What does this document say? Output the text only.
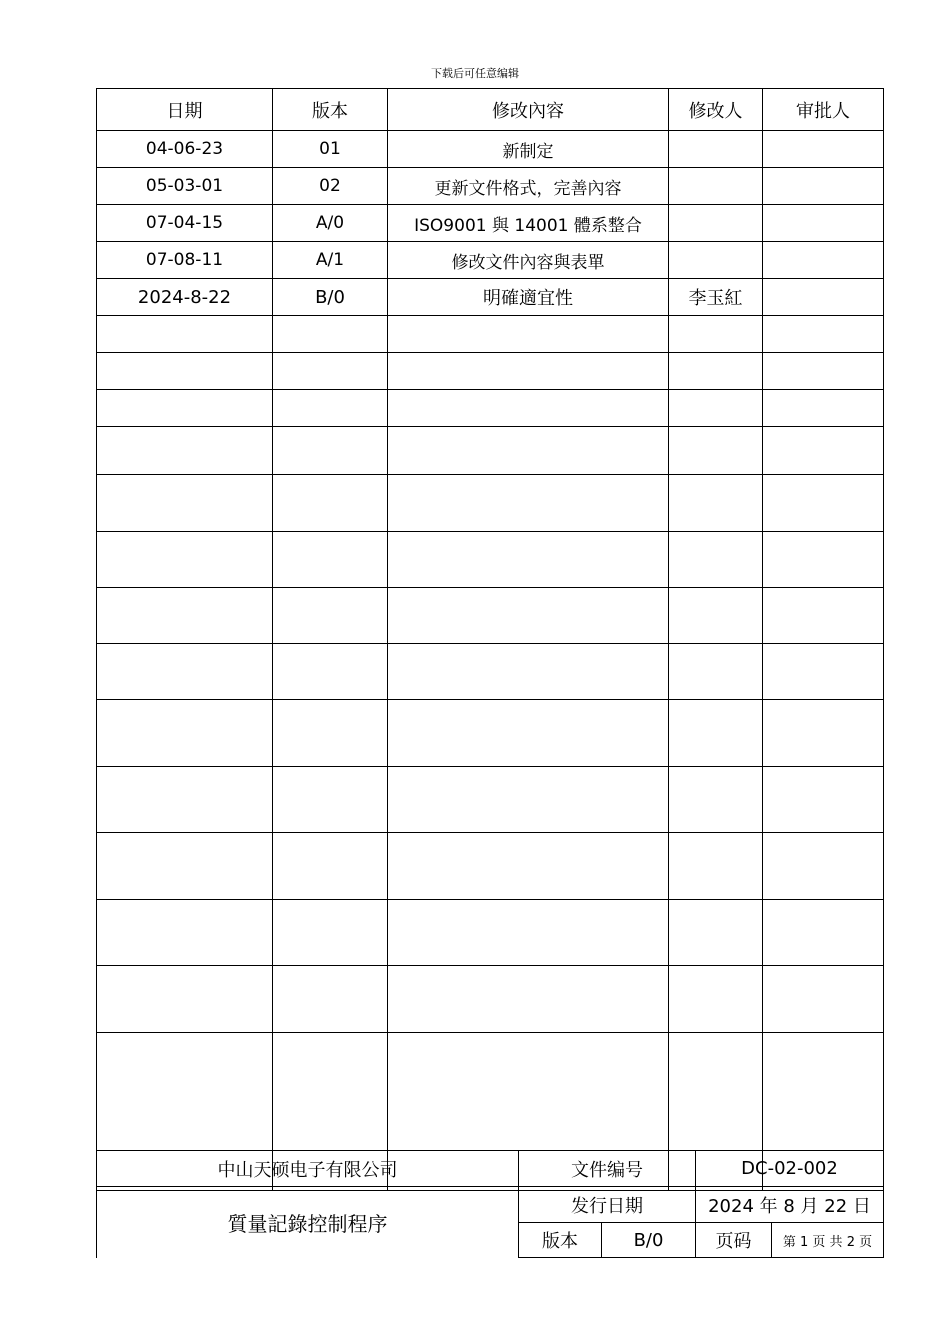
下载后可任意编辑
日期	版本	修改內容	修改人	审批人
04-06-23	01	新制定		
05-03-01	02	更新文件格式，完善內容		
07-04-15	A/0	ISO9001 與 14001 體系整合		
07-08-11	A/1	修改文件內容與表單		
2024-8-22	B/0	明確適宜性	李玉紅	

中山天硕电子有限公司	文件编号		DC-02-002	
質量記錄控制程序	发行日期		2024 年 8 月 22 日	
	版本	B/0	页码	第 1 页 共 2 页
